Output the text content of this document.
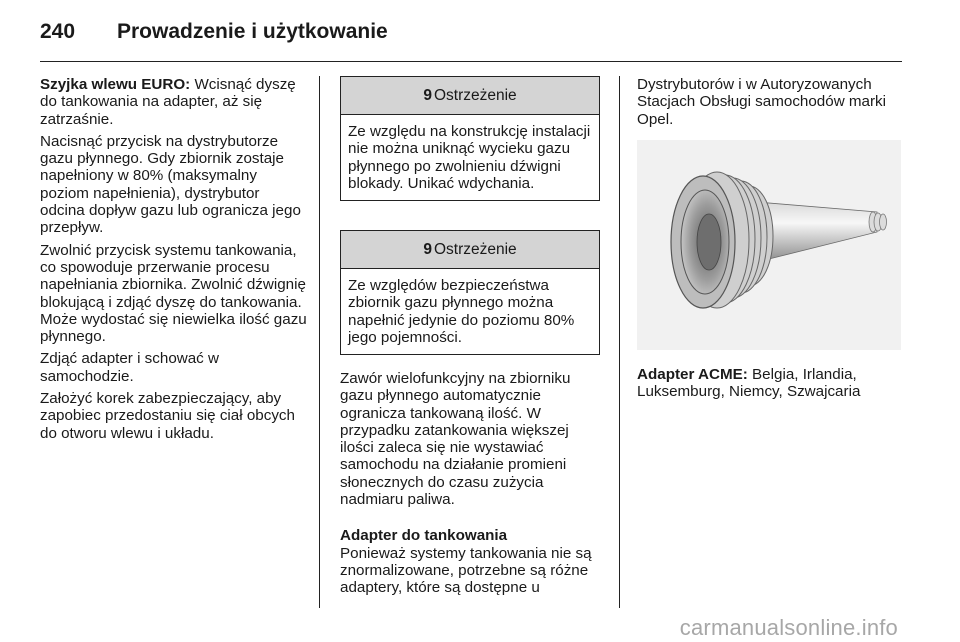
240	Prowadzenie i użytkowanie

Szyjka wlewu EURO: Wcisnąć dyszę do tankowania na adapter, aż się zatrzaśnie.

Nacisnąć przycisk na dystrybutorze gazu płynnego. Gdy zbiornik zostaje napełniony w 80% (maksymalny poziom napełnienia), dystrybutor odcina dopływ gazu lub ogranicza jego przepływ.

Zwolnić przycisk systemu tankowania, co spowoduje przerwanie procesu napełniania zbiornika. Zwolnić dźwignię blokującą i zdjąć dyszę do tankowania. Może wydostać się niewielka ilość gazu płynnego.

Zdjąć adapter i schować w samochodzie.

Założyć korek zabezpieczający, aby zapobiec przedostaniu się ciał obcych do otworu wlewu i układu.

9 Ostrzeżenie
Ze względu na konstrukcję instalacji nie można uniknąć wycieku gazu płynnego po zwolnieniu dźwigni blokady. Unikać wdychania.
9 Ostrzeżenie
Ze względów bezpieczeństwa zbiornik gazu płynnego można napełnić jedynie do poziomu 80% jego pojemności.

Zawór wielofunkcyjny na zbiorniku gazu płynnego automatycznie ogranicza tankowaną ilość. W przypadku zatankowania większej ilości zaleca się nie wystawiać samochodu na działanie promieni słonecznych do czasu zużycia nadmiaru paliwa.

Adapter do tankowania

Ponieważ systemy tankowania nie są znormalizowane, potrzebne są różne adaptery, które są dostępne u

Dystrybutorów i w Autoryzowanych Stacjach Obsługi samochodów marki Opel.

Adapter ACME: Belgia, Irlandia, Luksemburg, Niemcy, Szwajcaria

carmanualsonline.info
